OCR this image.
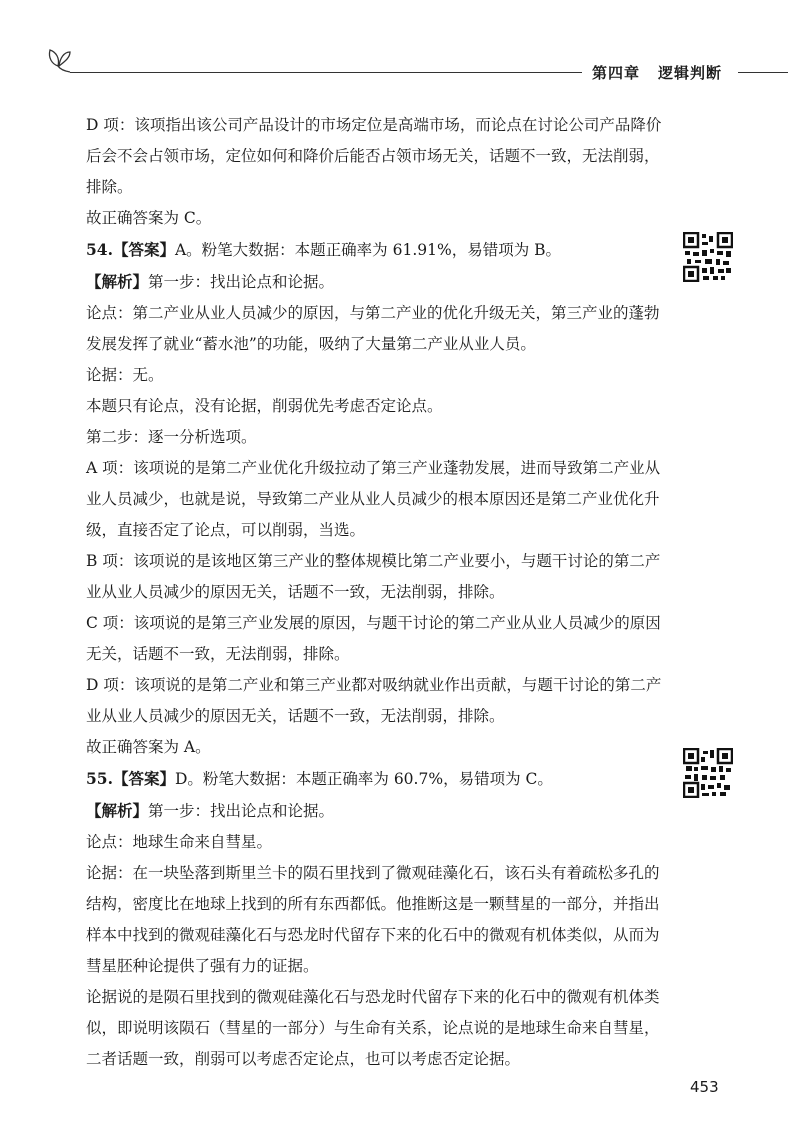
第四章 逻辑判断

D 项：该项指出该公司产品设计的市场定位是高端市场，而论点在讨论公司产品降价后会不会占领市场，定位如何和降价后能否占领市场无关，话题不一致，无法削弱，排除。

故正确答案为 C。

54.【答案】A。粉笔大数据：本题正确率为 61.91%，易错项为 B。

【解析】第一步：找出论点和论据。

论点：第二产业从业人员减少的原因，与第二产业的优化升级无关，第三产业的蓬勃发展发挥了就业“蓄水池”的功能，吸纳了大量第二产业从业人员。

论据：无。

本题只有论点，没有论据，削弱优先考虑否定论点。

第二步：逐一分析选项。

A 项：该项说的是第二产业优化升级拉动了第三产业蓬勃发展，进而导致第二产业从业人员减少，也就是说，导致第二产业从业人员减少的根本原因还是第二产业优化升级，直接否定了论点，可以削弱，当选。

B 项：该项说的是该地区第三产业的整体规模比第二产业要小，与题干讨论的第二产业从业人员减少的原因无关，话题不一致，无法削弱，排除。

C 项：该项说的是第三产业发展的原因，与题干讨论的第二产业从业人员减少的原因无关，话题不一致，无法削弱，排除。

D 项：该项说的是第二产业和第三产业都对吸纳就业作出贡献，与题干讨论的第二产业从业人员减少的原因无关，话题不一致，无法削弱，排除。

故正确答案为 A。

55.【答案】D。粉笔大数据：本题正确率为 60.7%，易错项为 C。

【解析】第一步：找出论点和论据。

论点：地球生命来自彗星。

论据：在一块坠落到斯里兰卡的陨石里找到了微观硅藻化石，该石头有着疏松多孔的结构，密度比在地球上找到的所有东西都低。他推断这是一颗彗星的一部分，并指出样本中找到的微观硅藻化石与恐龙时代留存下来的化石中的微观有机体类似，从而为彗星胚种论提供了强有力的证据。

论据说的是陨石里找到的微观硅藻化石与恐龙时代留存下来的化石中的微观有机体类似，即说明该陨石（彗星的一部分）与生命有关系，论点说的是地球生命来自彗星，二者话题一致，削弱可以考虑否定论点，也可以考虑否定论据。

453
